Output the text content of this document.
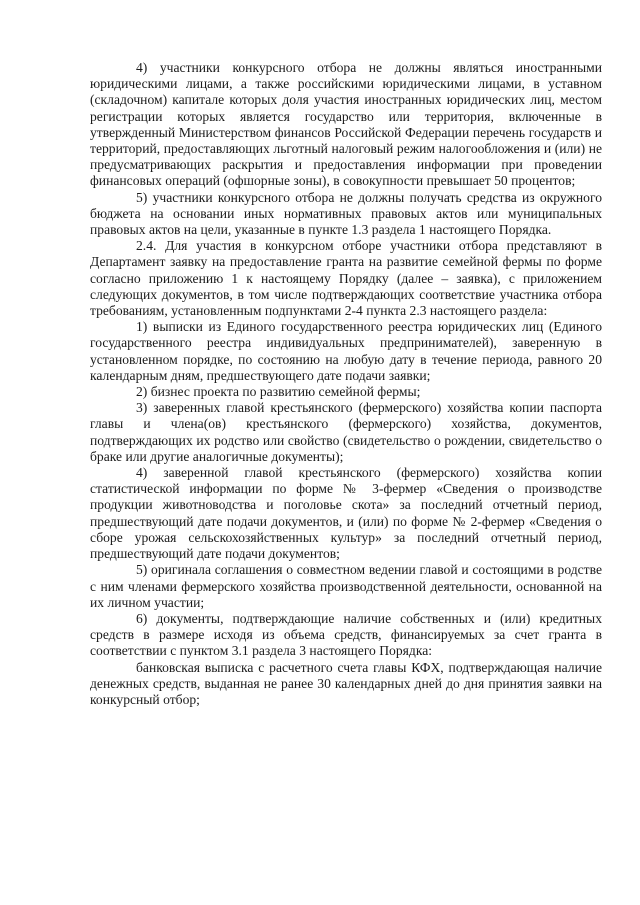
4) участники конкурсного отбора не должны являться иностранными юридическими лицами, а также российскими юридическими лицами, в уставном (складочном) капитале которых доля участия иностранных юридических лиц, местом регистрации которых является государство или территория, включенные в утвержденный Министерством финансов Российской Федерации перечень государств и территорий, предоставляющих льготный налоговый режим налогообложения и (или) не предусматривающих раскрытия и предоставления информации при проведении финансовых операций (офшорные зоны), в совокупности превышает 50 процентов;

5) участники конкурсного отбора не должны получать средства из окружного бюджета на основании иных нормативных правовых актов или муниципальных правовых актов на цели, указанные в пункте 1.3 раздела 1 настоящего Порядка.

2.4. Для участия в конкурсном отборе участники отбора представляют в Департамент заявку на предоставление гранта на развитие семейной фермы по форме согласно приложению 1 к настоящему Порядку (далее – заявка), с приложением следующих документов, в том числе подтверждающих соответствие участника отбора требованиям, установленным подпунктами 2-4 пункта 2.3 настоящего раздела:

1) выписки из Единого государственного реестра юридических лиц (Единого государственного реестра индивидуальных предпринимателей), заверенную в установленном порядке, по состоянию на любую дату в течение периода, равного 20 календарным дням, предшествующего дате подачи заявки;

2) бизнес проекта по развитию семейной фермы;

3) заверенных главой крестьянского (фермерского) хозяйства копии паспорта главы и члена(ов) крестьянского (фермерского) хозяйства, документов, подтверждающих их родство или свойство (свидетельство о рождении, свидетельство о браке или другие аналогичные документы);

4) заверенной главой крестьянского (фермерского) хозяйства копии статистической информации по форме № 3-фермер «Сведения о производстве продукции животноводства и поголовье скота» за последний отчетный период, предшествующий дате подачи документов, и (или) по форме № 2-фермер «Сведения о сборе урожая сельскохозяйственных культур» за последний отчетный период, предшествующий дате подачи документов;

5) оригинала соглашения о совместном ведении главой и состоящими в родстве с ним членами фермерского хозяйства производственной деятельности, основанной на их личном участии;

6) документы, подтверждающие наличие собственных и (или) кредитных средств в размере исходя из объема средств, финансируемых за счет гранта в соответствии с пунктом 3.1 раздела 3 настоящего Порядка:

банковская выписка с расчетного счета главы КФХ, подтверждающая наличие денежных средств, выданная не ранее 30 календарных дней до дня принятия заявки на конкурсный отбор;
